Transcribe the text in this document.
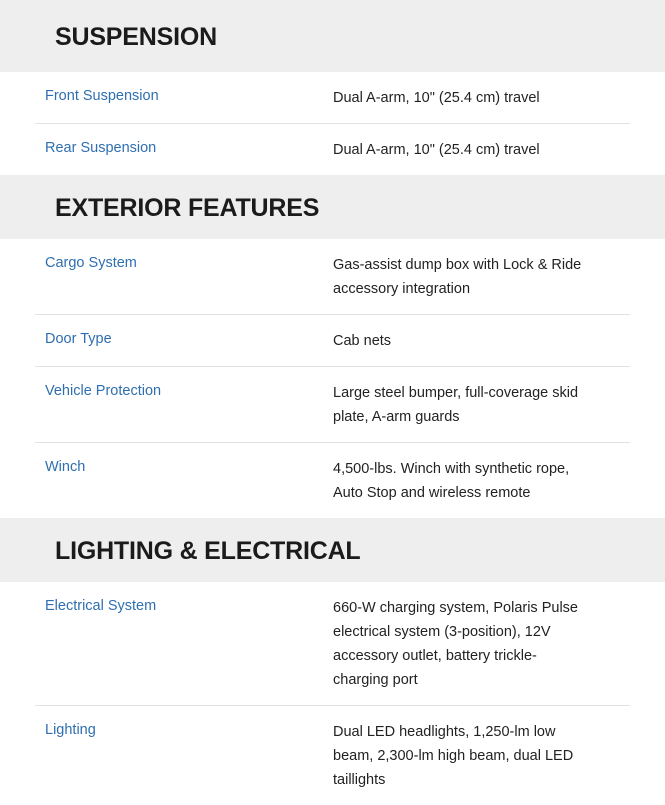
SUSPENSION
Front Suspension	Dual A-arm, 10" (25.4 cm) travel
Rear Suspension	Dual A-arm, 10" (25.4 cm) travel
EXTERIOR FEATURES
Cargo System	Gas-assist dump box with Lock & Ride accessory integration
Door Type	Cab nets
Vehicle Protection	Large steel bumper, full-coverage skid plate, A-arm guards
Winch	4,500-lbs. Winch with synthetic rope, Auto Stop and wireless remote
LIGHTING & ELECTRICAL
Electrical System	660-W charging system, Polaris Pulse electrical system (3-position), 12V accessory outlet, battery trickle-charging port
Lighting	Dual LED headlights, 1,250-lm low beam, 2,300-lm high beam, dual LED taillights
